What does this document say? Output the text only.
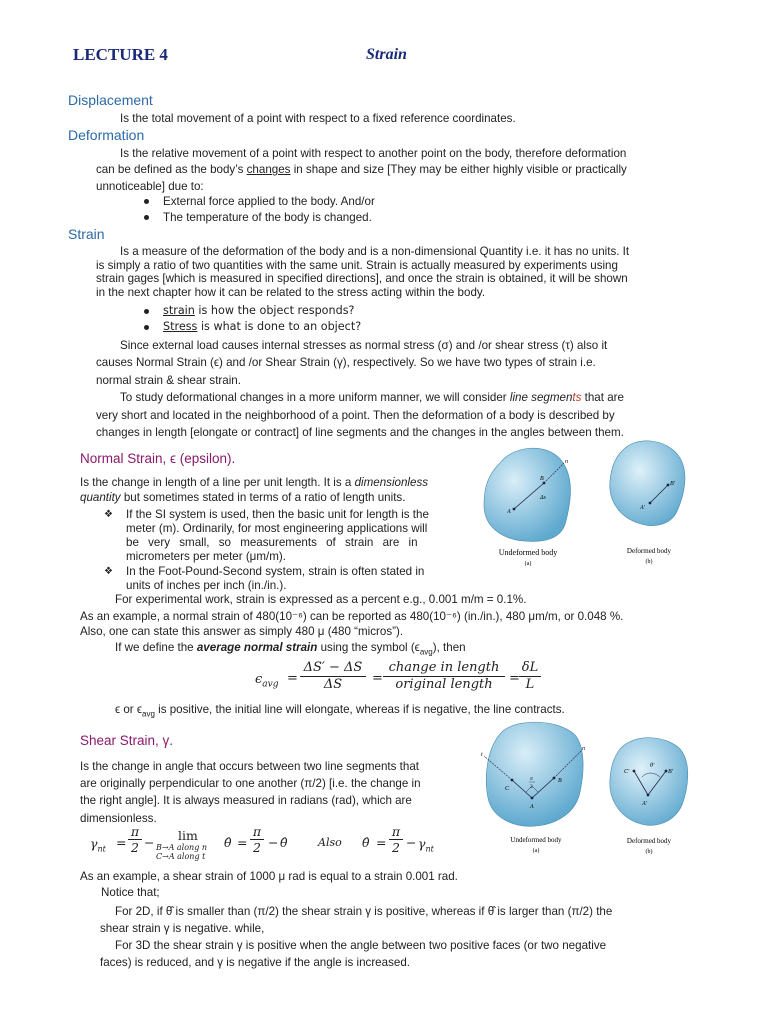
LECTURE 4	Strain
Displacement
Is the total movement of a point with respect to a fixed reference coordinates.
Deformation
Is the relative movement of a point with respect to another point on the body, therefore deformation
can be defined as the body’s changes in shape and size [They may be either highly visible or practically
unnoticeable] due to:
External force applied to the body. And/or
The temperature of the body is changed.
Strain
Is a measure of the deformation of the body and is a non-dimensional Quantity i.e. it has no units. It
is simply a ratio of two quantities with the same unit. Strain is actually measured by experiments using
strain gages [which is measured in specified directions], and once the strain is obtained, it will be shown
in the next chapter how it can be related to the stress acting within the body.
strain is how the object responds?
Stress is what is done to an object?
Since external load causes internal stresses as normal stress (σ) and /or shear stress (τ) also it
causes Normal Strain (ϵ) and /or Shear Strain (γ), respectively. So we have two types of strain i.e.
normal strain & shear strain.
To study deformational changes in a more uniform manner, we will consider line segments that are
very short and located in the neighborhood of a point. Then the deformation of a body is described by
changes in length [elongate or contract] of line segments and the changes in the angles between them.
Normal Strain, ϵ (epsilon).
Is the change in length of a line per unit length. It is a dimensionless
quantity but sometimes stated in terms of a ratio of length units.
❖	If the SI system is used, then the basic unit for length is the
meter (m). Ordinarily, for most engineering applications will
be very small, so measurements of strain are in
micrometers per meter (μm/m).
❖	In the Foot-Pound-Second system, strain is often stated in
units of inches per inch (in./in.).
For experimental work, strain is expressed as a percent e.g., 0.001 m/m = 0.1%.
As an example, a normal strain of 480(10⁻⁶) can be reported as 480(10⁻⁶) (in./in.), 480 μm/m, or 0.048 %.
Also, one can state this answer as simply 480 μ (480 “micros”).
If we define the average normal strain using the symbol $(\epsilon_{avg})$, then
$\epsilon_{avg}$ =
ΔS′ − ΔS
ΔS	=
change in length
original length	=
δL
L
ϵ or $\epsilon_{avg}$ is positive, the initial line will elongate, whereas if is negative, the line contracts.
n
B
Δs
A
Undeformed body
(a)
B′
A′
Deformed body
(b)
Shear Strain, γ.
Is the change in angle that occurs between two line segments that
are originally perpendicular to one another (π/2) [i.e. the change in
the right angle]. It is always measured in radians (rad), which are
dimensionless.
$\gamma_{nt}$ =
π
2 −	lim
B→A along n
C→A along t
θ̂ =
π
2 − θ̂	Also θ̂ =
π
$2 - \gamma_{nt}$
As an example, a shear strain of 1000 μ rad is equal to a strain 0.001 rad.
Notice that;
For 2D, if θ̂ is smaller than (π/2) the shear strain γ is positive, whereas if θ̂ is larger than (π/2) the
shear strain γ is negative. while,
For 3D the shear strain γ is positive when the angle between two positive faces (or two negative
faces) is reduced, and γ is negative if the angle is increased.
t
n
π
2
B
C
A
Undeformed body
(a)
θ′
C′	B′
A′
Deformed body
(b)
